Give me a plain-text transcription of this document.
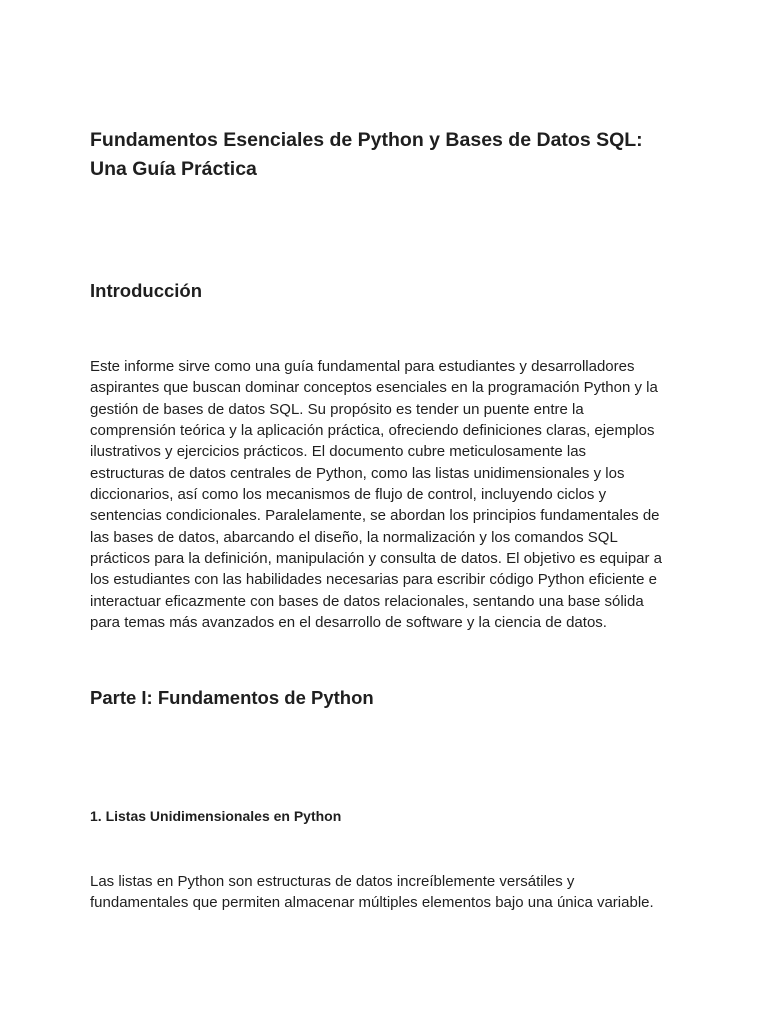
Fundamentos Esenciales de Python y Bases de Datos SQL:
Una Guía Práctica
Introducción

Este informe sirve como una guía fundamental para estudiantes y desarrolladores
aspirantes que buscan dominar conceptos esenciales en la programación Python y la
gestión de bases de datos SQL. Su propósito es tender un puente entre la
comprensión teórica y la aplicación práctica, ofreciendo definiciones claras, ejemplos
ilustrativos y ejercicios prácticos. El documento cubre meticulosamente las
estructuras de datos centrales de Python, como las listas unidimensionales y los
diccionarios, así como los mecanismos de flujo de control, incluyendo ciclos y
sentencias condicionales. Paralelamente, se abordan los principios fundamentales de
las bases de datos, abarcando el diseño, la normalización y los comandos SQL
prácticos para la definición, manipulación y consulta de datos. El objetivo es equipar a
los estudiantes con las habilidades necesarias para escribir código Python eficiente e
interactuar eficazmente con bases de datos relacionales, sentando una base sólida
para temas más avanzados en el desarrollo de software y la ciencia de datos.

Parte I: Fundamentos de Python
1. Listas Unidimensionales en Python

Las listas en Python son estructuras de datos increíblemente versátiles y
fundamentales que permiten almacenar múltiples elementos bajo una única variable.
